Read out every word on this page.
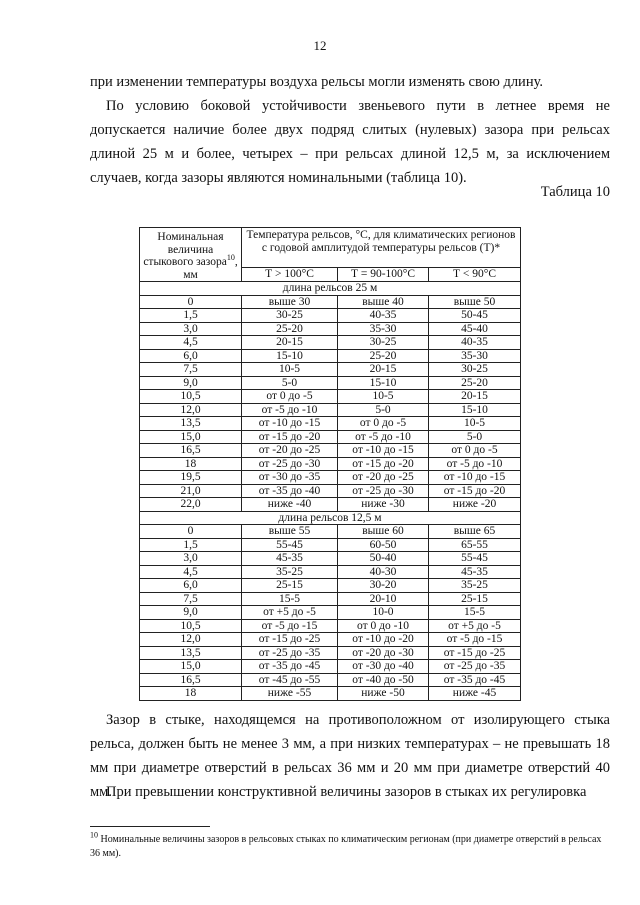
12

при изменении температуры воздуха рельсы могли изменять свою длину.

По условию боковой устойчивости звеньевого пути в летнее время не допускается наличие более двух подряд слитых (нулевых) зазора при рельсах длиной 25 м и более, четырех – при рельсах длиной 12,5 м, за исключением случаев, когда зазоры являются номинальными (таблица 10).

Таблица 10
Номинальная величина стыкового зазора$^{10}$, мм	Температура рельсов, °С, для климатических регионов с годовой амплитудой температуры рельсов (Т)*		
	Т > 100°С	Т = 90-100°С	Т < 90°С
длина рельсов 25 м			
0	выше 30	выше 40	выше 50
1,5	30-25	40-35	50-45
3,0	25-20	35-30	45-40
4,5	20-15	30-25	40-35
6,0	15-10	25-20	35-30
7,5	10-5	20-15	30-25
9,0	5-0	15-10	25-20
10,5	от 0 до -5	10-5	20-15
12,0	от -5 до -10	5-0	15-10
13,5	от -10 до -15	от 0 до -5	10-5
15,0	от -15 до -20	от -5 до -10	5-0
16,5	от -20 до -25	от -10 до -15	от 0 до -5
18	от -25 до -30	от -15 до -20	от -5 до -10
19,5	от -30 до -35	от -20 до -25	от -10 до -15
21,0	от -35 до -40	от -25 до -30	от -15 до -20
22,0	ниже -40	ниже -30	ниже -20
длина рельсов 12,5 м			
0	выше 55	выше 60	выше 65
1,5	55-45	60-50	65-55
3,0	45-35	50-40	55-45
4,5	35-25	40-30	45-35
6,0	25-15	30-20	35-25
7,5	15-5	20-10	25-15
9,0	от +5 до -5	10-0	15-5
10,5	от -5 до -15	от 0 до -10	от +5 до -5
12,0	от -15 до -25	от -10 до -20	от -5 до -15
13,5	от -25 до -35	от -20 до -30	от -15 до -25
15,0	от -35 до -45	от -30 до -40	от -25 до -35
16,5	от -45 до -55	от -40 до -50	от -35 до -45
18	ниже -55	ниже -50	ниже -45

Зазор в стыке, находящемся на противоположном от изолирующего стыка рельса, должен быть не менее 3 мм, а при низких температурах – не превышать 18 мм при диаметре отверстий в рельсах 36 мм и 20 мм при диаметре отверстий 40 мм.

При превышении конструктивной величины зазоров в стыках их регулировка

$^{10}$ Номинальные величины зазоров в рельсовых стыках по климатическим регионам (при диаметре отверстий в рельсах 36 мм).
